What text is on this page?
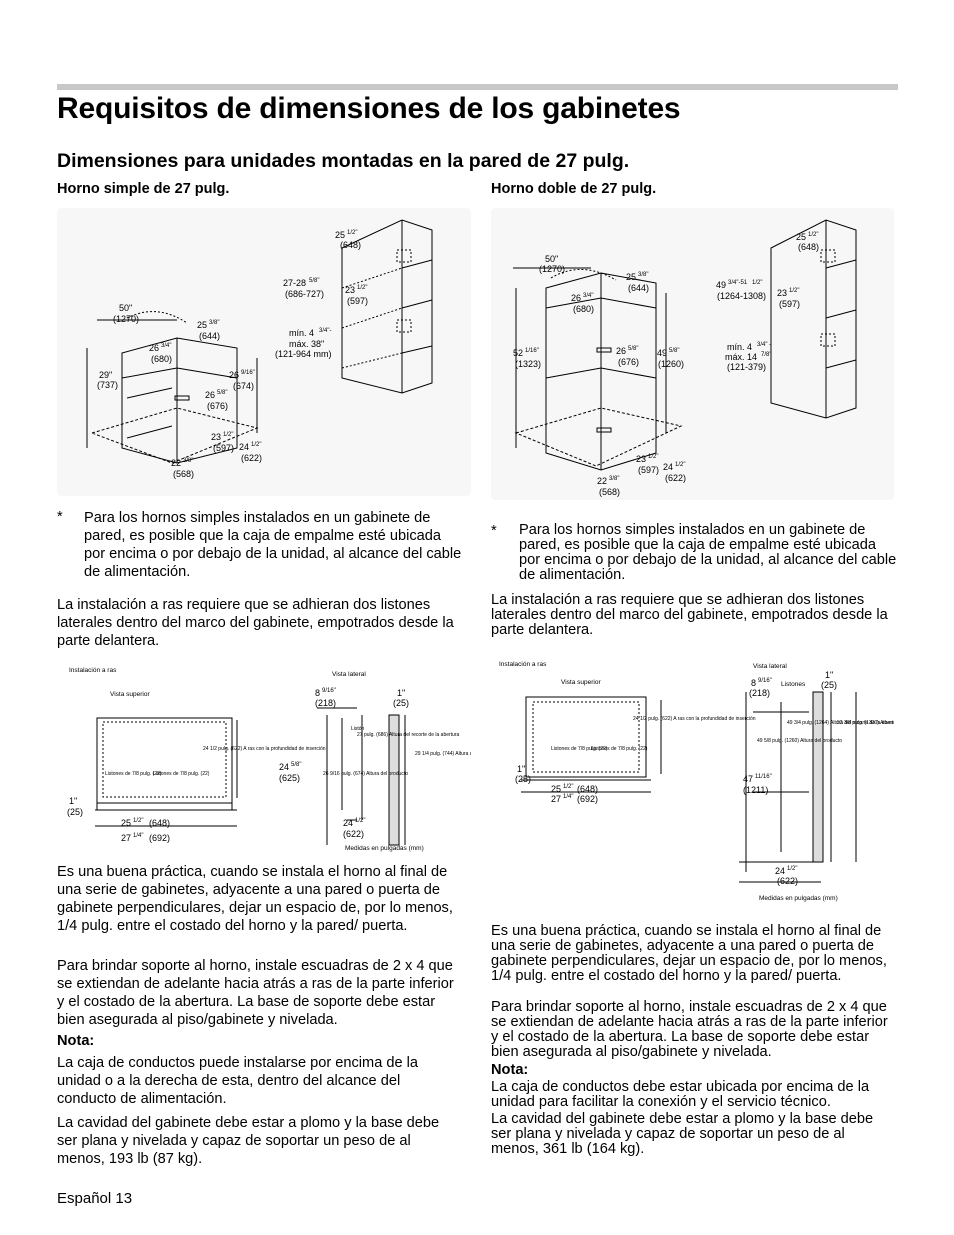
Requisitos de dimensiones de los gabinetes
Dimensiones para unidades montadas en la pared de 27 pulg.
Horno simple de 27 pulg.	Horno doble de 27 pulg.
25 1/2"
(648)
27-28 5/8"
(686-727) 23 1/2"
(597)
mín. 4 3/4"-
máx. 38"
(121-964 mm)
50"
(1270)
25 3/8"
(644)
26 3/4"
(680)
29"
(737)
26 9/16"
(674)
26 5/8"
(676)
23 1/2"
(597) 24 1/2"
(622)
22 3/8"
(568)
50"
(1270)
25 3/8"
(644)
26 3/4"
(680)
52 1/16"
(1323)
26 5/8"
(676)
49 5/8"
(1260)
23 1/2"
(597) 24 1/2"
(622)
22 3/8"
(568)
25 1/2"
(648)
49 3/4"-51 1/2"
(1264-1308) 23 1/2"
(597)
mín. 4 3/4" -
máx. 14 7/8"
(121-379)
* Para los hornos simples instalados en un gabinete de pared, es posible que la caja de empalme esté ubicada por encima o por debajo de la unidad, al alcance del cable de alimentación.
La instalación a ras requiere que se adhieran dos listones laterales dentro del marco del gabinete, empotrados desde la parte delantera.
Instalación a ras
Vista superior
Vista lateral
Listones de 7/8 pulg. (22)
Listones de 7/8 pulg. (22)
24 1/2 pulg. (622) A ras con la profundidad de inserción
Listón
27 pulg. (686) Altura del recorte de la abertura
29 1/4 pulg. (744) Altura
26 9/16 pulg. (674) Altura del producto
Medidas en pulgadas (mm)
1"
(25)
25 1/2" (648)
27 1/4" (692)
8 9/16"
(218)
1"
(25)
24 5/8"
(625)
24 1/2"
(622)
Es una buena práctica, cuando se instala el horno al final de una serie de gabinetes, adyacente a una pared o puerta de gabinete perpendiculares, dejar un espacio de, por lo menos, 1/4 pulg. entre el costado del horno y la pared/ puerta.
Para brindar soporte al horno, instale escuadras de 2 x 4 que se extiendan de adelante hacia atrás a ras de la parte inferior y el costado de la abertura. La base de soporte debe estar bien asegurada al piso/gabinete y nivelada.
Nota:
La caja de conductos puede instalarse por encima de la unidad o a la derecha de esta, dentro del alcance del conducto de alimentación.
La cavidad del gabinete debe estar a plomo y la base debe ser plana y nivelada y capaz de soportar un peso de al menos, 193 lb (87 kg).
Español 13
* Para los hornos simples instalados en un gabinete de pared, es posible que la caja de empalme esté ubicada por encima o por debajo de la unidad, al alcance del cable de alimentación.
La instalación a ras requiere que se adhieran dos listones laterales dentro del marco del gabinete, empotrados desde la parte delantera.
Instalación a ras
Vista superior
Vista lateral
Listones de 7/8 pulg. (22)
Listones de 7/8 pulg. (22)
24 1/2 pulg. (622) A ras con la profundidad de inserción
Listones
49 3/4 pulg. (1264) Altura del recorte de la abertura
49 5/8 pulg. (1260) Altura del producto
52 3/8 pulg. (1330) Altura
Medidas en pulgadas (mm)
1"
(25)
25 1/2" (648)
27 1/4" (692)
8 9/16"
(218)
1"
(25)
47 11/16"
(1211)
24 1/2"
(622)
Es una buena práctica, cuando se instala el horno al final de una serie de gabinetes, adyacente a una pared o puerta de gabinete perpendiculares, dejar un espacio de, por lo menos, 1/4 pulg. entre el costado del horno y la pared/ puerta.
Para brindar soporte al horno, instale escuadras de 2 x 4 que se extiendan de adelante hacia atrás a ras de la parte inferior y el costado de la abertura. La base de soporte debe estar bien asegurada al piso/gabinete y nivelada.
Nota:
La caja de conductos debe estar ubicada por encima de la unidad para facilitar la conexión y el servicio técnico.
La cavidad del gabinete debe estar a plomo y la base debe ser plana y nivelada y capaz de soportar un peso de al menos, 361 lb (164 kg).
